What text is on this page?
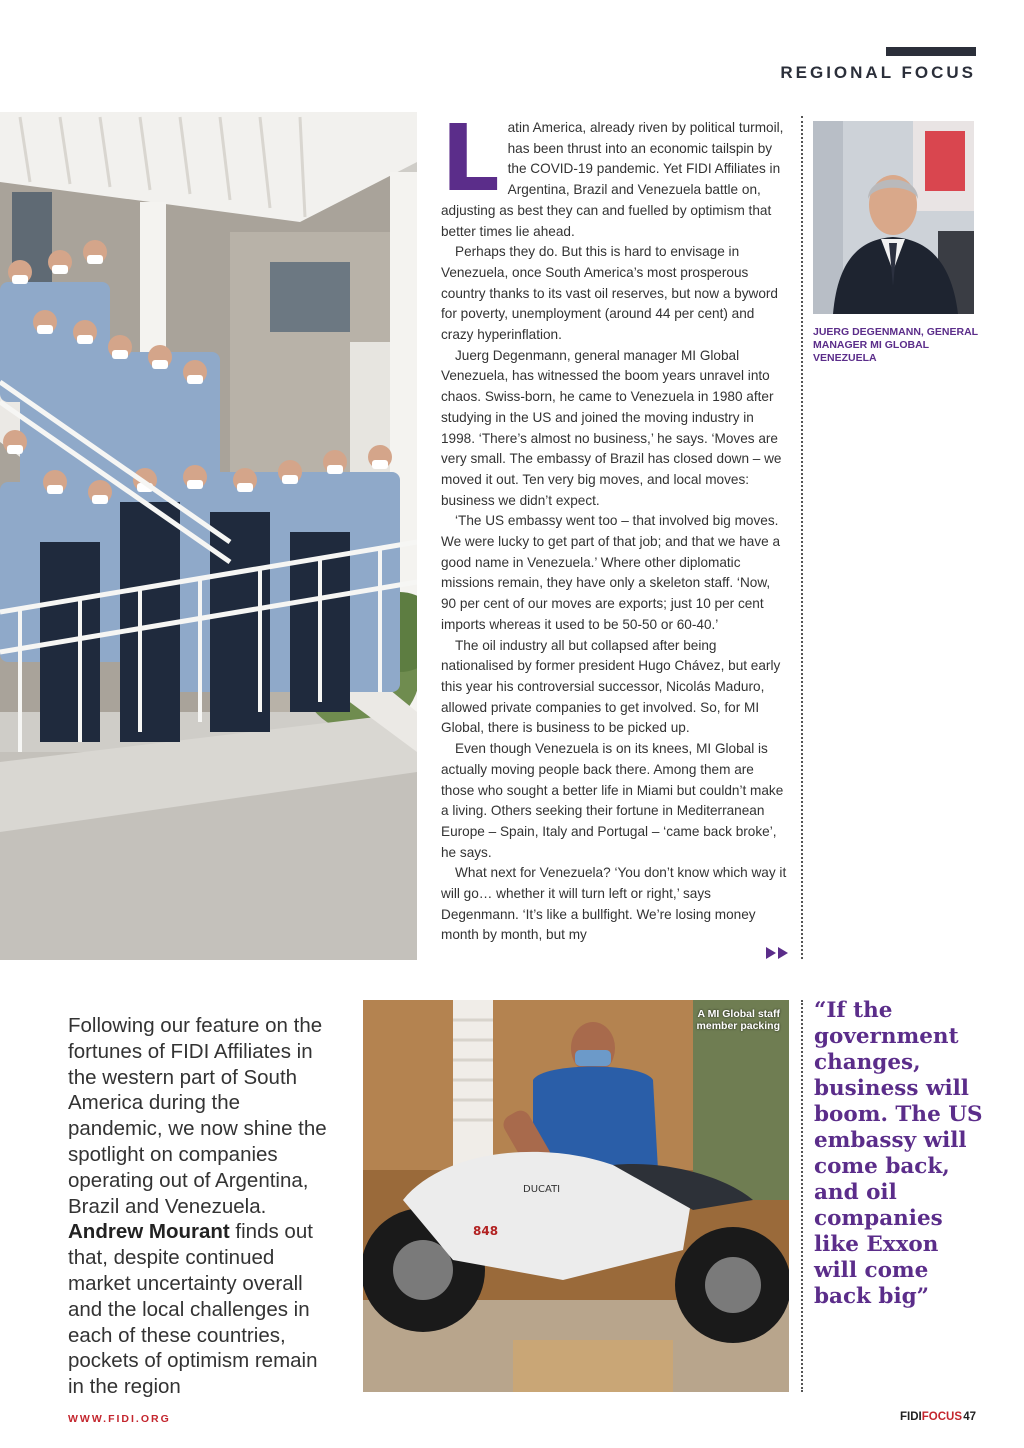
REGIONAL FOCUS

Latin America, already riven by political turmoil, has been thrust into an economic tailspin by the COVID-19 pandemic. Yet FIDI Affiliates in Argentina, Brazil and Venezuela battle on, adjusting as best they can and fuelled by optimism that better times lie ahead.

Perhaps they do. But this is hard to envisage in Venezuela, once South America’s most prosperous country thanks to its vast oil reserves, but now a byword for poverty, unemployment (around 44 per cent) and crazy hyperinflation.

Juerg Degenmann, general manager MI Global Venezuela, has witnessed the boom years unravel into chaos. Swiss-born, he came to Venezuela in 1980 after studying in the US and joined the moving industry in 1998. ‘There’s almost no business,’ he says. ‘Moves are very small. The embassy of Brazil has closed down – we moved it out. Ten very big moves, and local moves: business we didn’t expect.

‘The US embassy went too – that involved big moves. We were lucky to get part of that job; and that we have a good name in Venezuela.’ Where other diplomatic missions remain, they have only a skeleton staff. ‘Now, 90 per cent of our moves are exports; just 10 per cent imports whereas it used to be 50-50 or 60-40.’

The oil industry all but collapsed after being nationalised by former president Hugo Chávez, but early this year his controversial successor, Nicolás Maduro, allowed private companies to get involved. So, for MI Global, there is business to be picked up.

Even though Venezuela is on its knees, MI Global is actually moving people back there. Among them are those who sought a better life in Miami but couldn’t make a living. Others seeking their fortune in Mediterranean Europe – Spain, Italy and Portugal – ‘came back broke’, he says.

What next for Venezuela? ‘You don’t know which way it will go… whether it will turn left or right,’ says Degenmann. ‘It’s like a bullfight. We’re losing money month by month, but my

JUERG DEGENMANN, GENERAL MANAGER MI GLOBAL VENEZUELA
Following our feature on the fortunes of FIDI Affiliates in the western part of South America during the pandemic, we now shine the spotlight on companies operating out of Argentina, Brazil and Venezuela. Andrew Mourant finds out that, despite continued market uncertainty overall and the local challenges in each of these countries, pockets of optimism remain in the region
DUCATI
848
A MI Global staff member packing
“If the government changes, business will boom. The US embassy will come back, and oil companies like Exxon will come back big”
WWW.FIDI.ORG	FIDIFOCUS 47
